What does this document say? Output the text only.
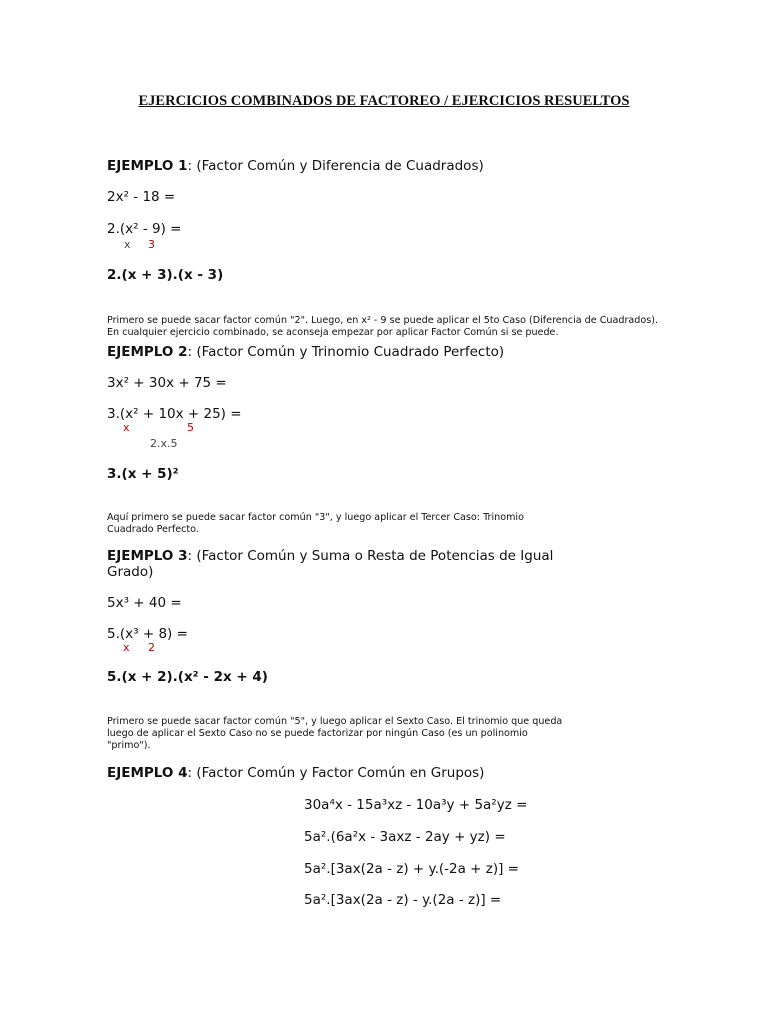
EJERCICIOS COMBINADOS DE FACTOREO / EJERCICIOS RESUELTOS
EJEMPLO 1: (Factor Común y Diferencia de Cuadrados)
2x² - 18 =
2.(x² - 9) =
x 3
2.(x + 3).(x - 3)
Primero se puede sacar factor común "2". Luego, en x² - 9 se puede aplicar el 5to Caso (Diferencia de Cuadrados).
En cualquier ejercicio combinado, se aconseja empezar por aplicar Factor Común si se puede.
EJEMPLO 2: (Factor Común y Trinomio Cuadrado Perfecto)
3x² + 30x + 75 =
3.(x² + 10x + 25) =
x	5
2.x.5
3.(x + 5)²
Aquí primero se puede sacar factor común "3", y luego aplicar el Tercer Caso: Trinomio
Cuadrado Perfecto.
EJEMPLO 3: (Factor Común y Suma o Resta de Potencias de Igual
Grado)
5x³ + 40 =
5.(x³ + 8) =
x 2
5.(x + 2).(x² - 2x + 4)
Primero se puede sacar factor común "5", y luego aplicar el Sexto Caso. El trinomio que queda
luego de aplicar el Sexto Caso no se puede factorizar por ningún Caso (es un polinomio
"primo").
EJEMPLO 4: (Factor Común y Factor Común en Grupos)
30a⁴x - 15a³xz - 10a³y + 5a²yz =
5a².(6a²x - 3axz - 2ay + yz) =
5a².[3ax(2a - z) + y.(-2a + z)] =
5a².[3ax(2a - z) - y.(2a - z)] =
